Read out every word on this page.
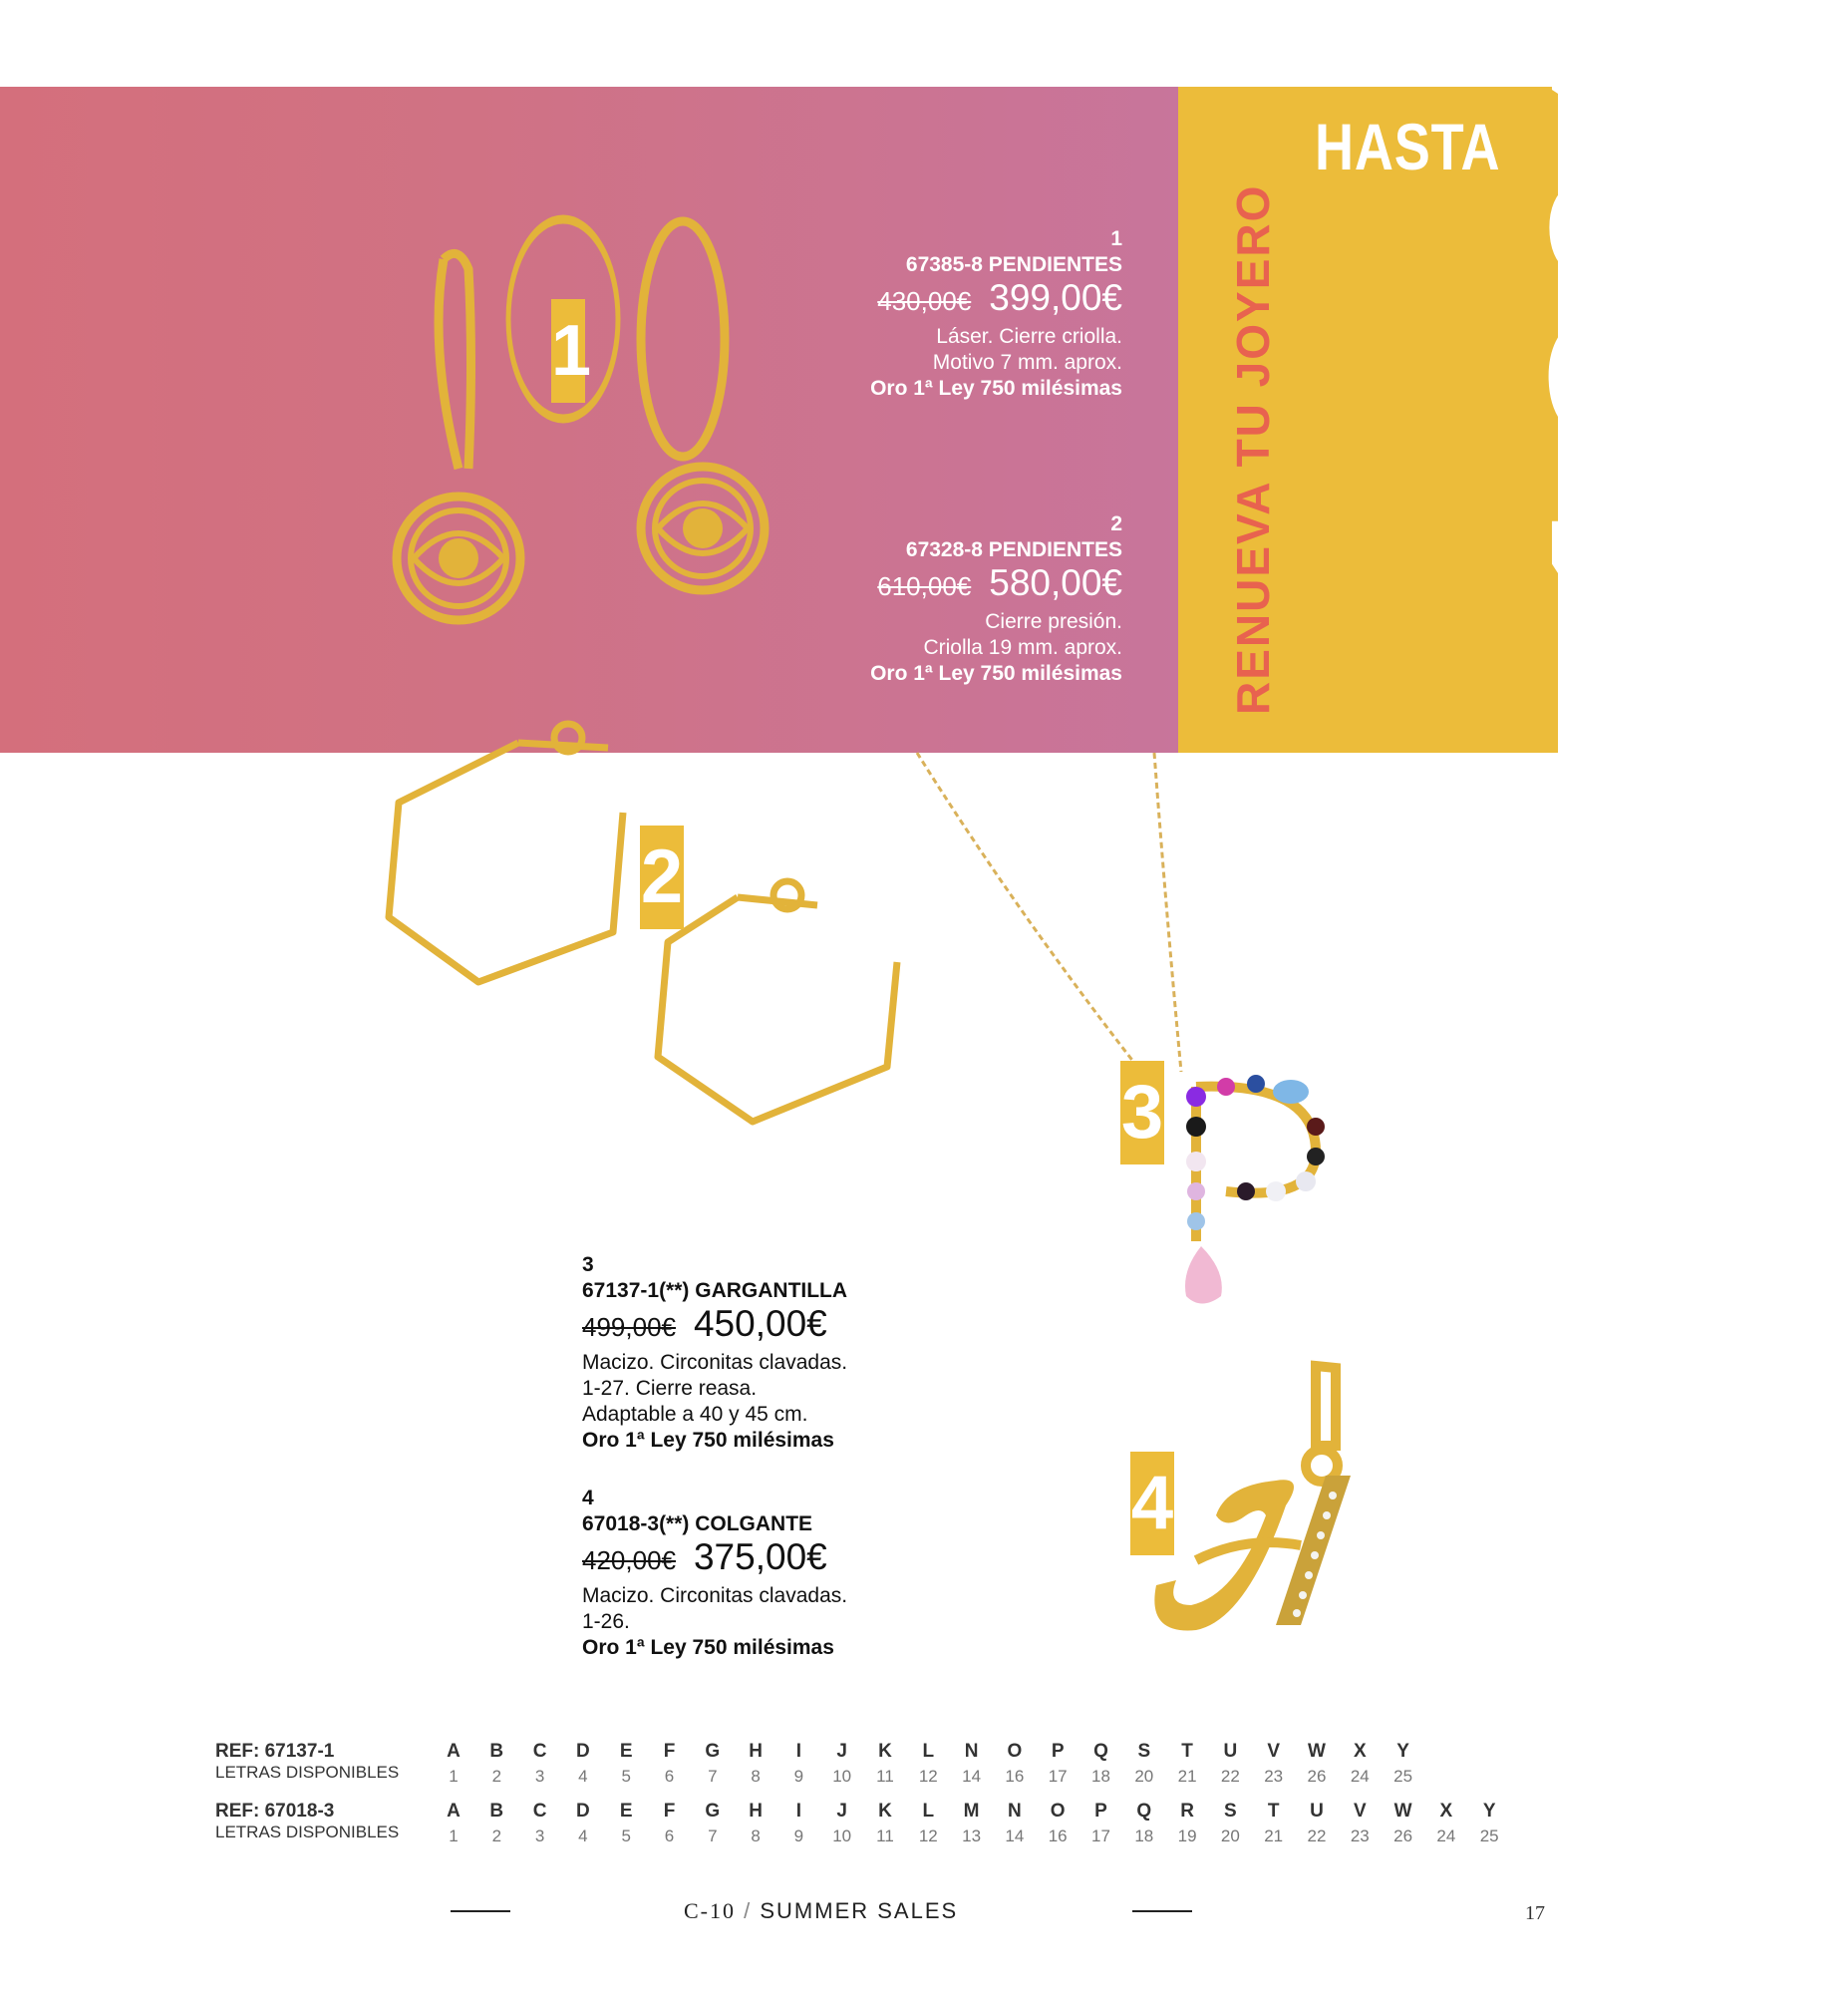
HASTA
RENUEVA TU JOYERO -10%
1
2
3
4
1
67385-8 PENDIENTES
430,00€ 399,00€
Láser. Cierre criolla.
Motivo 7 mm. aprox.
Oro 1ª Ley 750 milésimas
2
67328-8 PENDIENTES
610,00€ 580,00€
Cierre presión.
Criolla 19 mm. aprox.
Oro 1ª Ley 750 milésimas
3
67137-1(**) GARGANTILLA
499,00€ 450,00€
Macizo. Circonitas clavadas.
1-27. Cierre reasa.
Adaptable a 40 y 45 cm.
Oro 1ª Ley 750 milésimas
4
67018-3(**) COLGANTE
420,00€ 375,00€
Macizo. Circonitas clavadas.
1-26.
Oro 1ª Ley 750 milésimas
REF: 67137-1
LETRAS DISPONIBLES
A
1
B
2
C
3
D
4
E
5
F
6
G
7
H
8
I
9
J
10
K
11
L
12
N
14
O
16
P
17
Q
18
S
20
T
21
U
22
V
23
W
26
X
24
Y
25
REF: 67018-3
LETRAS DISPONIBLES
A
1
B
2
C
3
D
4
E
5
F
6
G
7
H
8
I
9
J
10
K
11
L
12
M
13
N
14
O
16
P
17
Q
18
R
19
S
20
T
21
U
22
V
23
W
26
X
24
Y
25
C-10 / SUMMER SALES	17
